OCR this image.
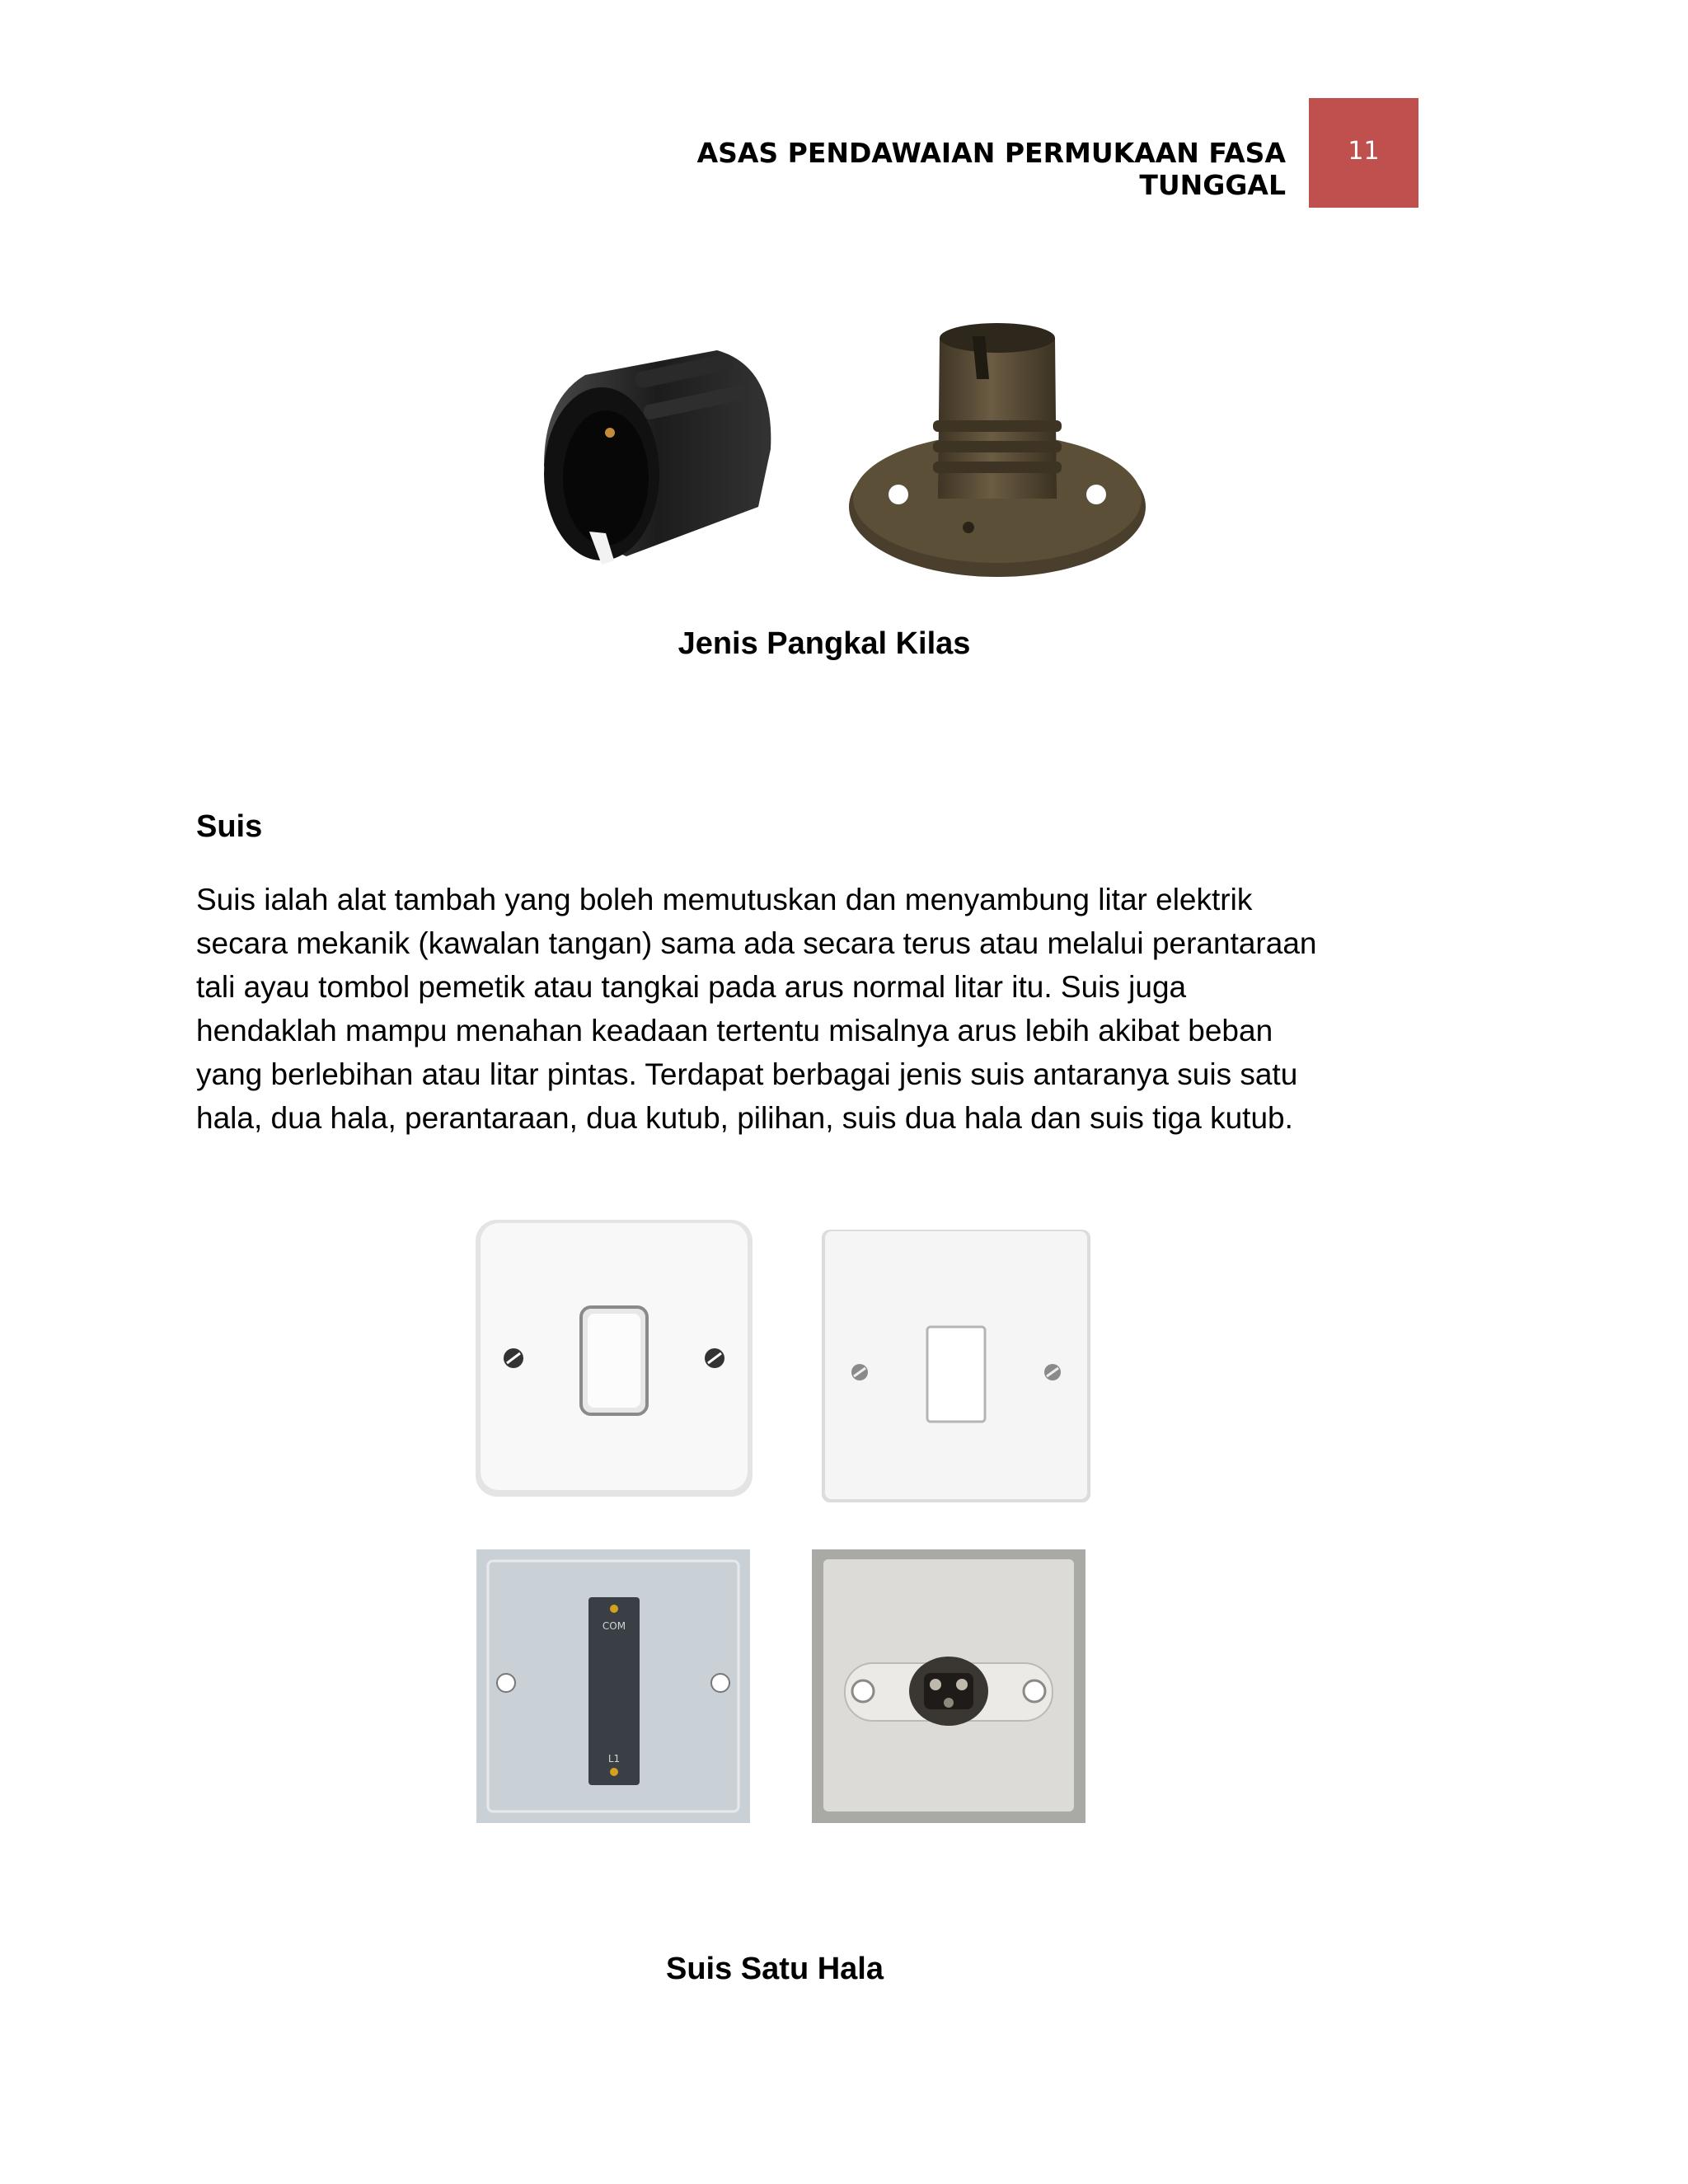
ASAS PENDAWAIAN PERMUKAAN FASA TUNGGAL
11
Jenis Pangkal Kilas
Suis
Suis ialah alat tambah yang boleh memutuskan dan menyambung litar elektrik
secara mekanik (kawalan tangan) sama ada secara terus atau melalui perantaraan
tali ayau tombol pemetik atau tangkai pada arus normal litar itu. Suis juga
hendaklah mampu menahan keadaan tertentu misalnya arus lebih akibat beban
yang berlebihan atau litar pintas. Terdapat berbagai jenis suis antaranya suis satu
hala, dua hala, perantaraan, dua kutub, pilihan, suis dua hala dan suis tiga kutub.
COM
L1
Suis Satu Hala
